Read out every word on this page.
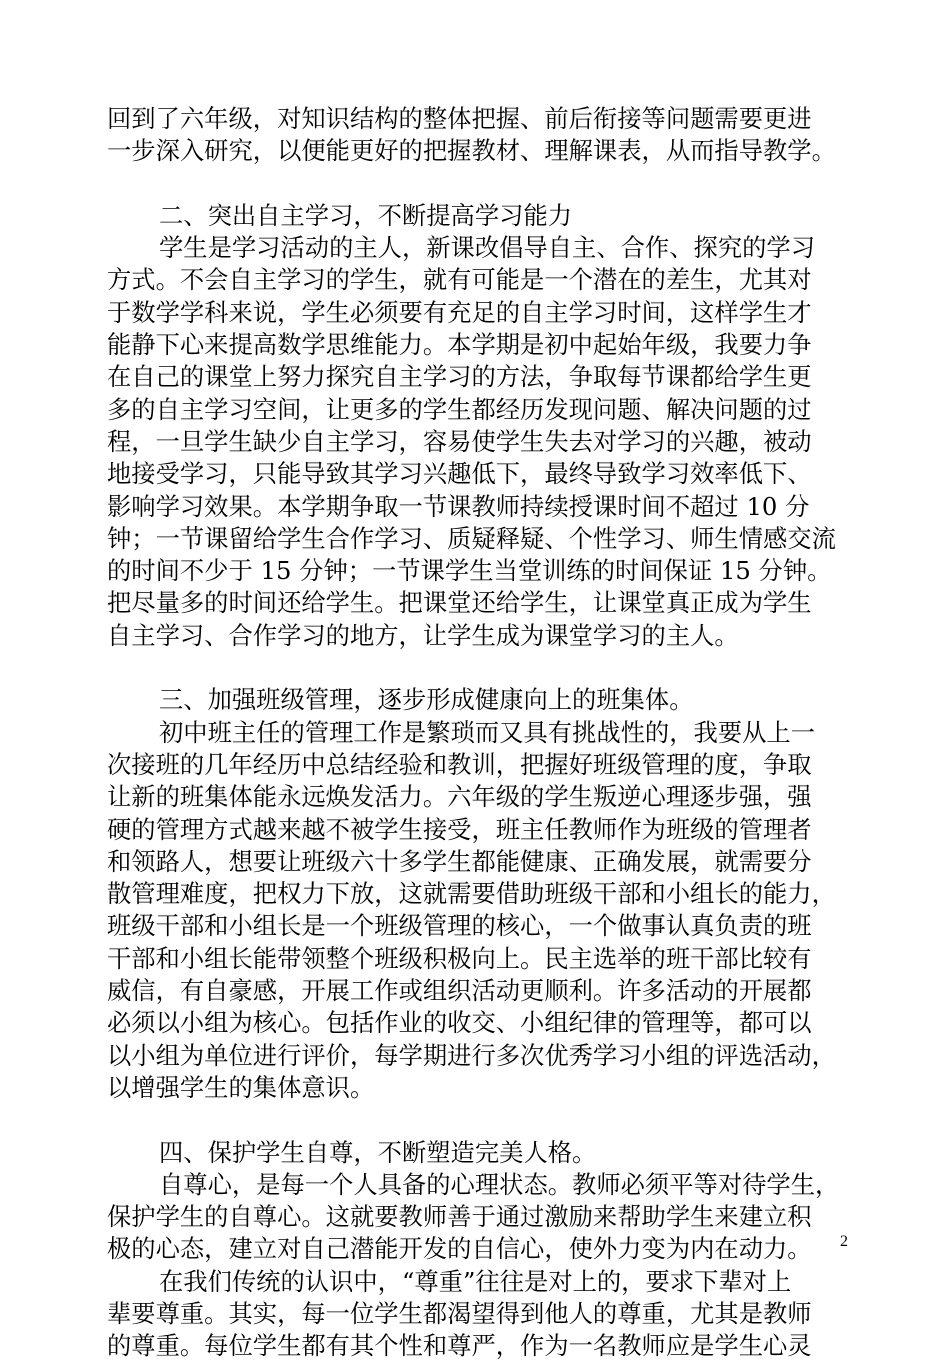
回到了六年级，对知识结构的整体把握、前后衔接等问题需要更进
一步深入研究，以便能更好的把握教材、理解课表，从而指导教学。
二、突出自主学习，不断提高学习能力
学生是学习活动的主人，新课改倡导自主、合作、探究的学习
方式。不会自主学习的学生，就有可能是一个潜在的差生，尤其对
于数学学科来说，学生必须要有充足的自主学习时间，这样学生才
能静下心来提高数学思维能力。本学期是初中起始年级，我要力争
在自己的课堂上努力探究自主学习的方法，争取每节课都给学生更
多的自主学习空间，让更多的学生都经历发现问题、解决问题的过
程，一旦学生缺少自主学习，容易使学生失去对学习的兴趣，被动
地接受学习，只能导致其学习兴趣低下，最终导致学习效率低下、
影响学习效果。本学期争取一节课教师持续授课时间不超过 10 分
钟；一节课留给学生合作学习、质疑释疑、个性学习、师生情感交流
的时间不少于 15 分钟；一节课学生当堂训练的时间保证 15 分钟。
把尽量多的时间还给学生。把课堂还给学生，让课堂真正成为学生
自主学习、合作学习的地方，让学生成为课堂学习的主人。
三、加强班级管理，逐步形成健康向上的班集体。
初中班主任的管理工作是繁琐而又具有挑战性的，我要从上一
次接班的几年经历中总结经验和教训，把握好班级管理的度，争取
让新的班集体能永远焕发活力。六年级的学生叛逆心理逐步强，强
硬的管理方式越来越不被学生接受，班主任教师作为班级的管理者
和领路人，想要让班级六十多学生都能健康、正确发展，就需要分
散管理难度，把权力下放，这就需要借助班级干部和小组长的能力，
班级干部和小组长是一个班级管理的核心，一个做事认真负责的班
干部和小组长能带领整个班级积极向上。民主选举的班干部比较有
威信，有自豪感，开展工作或组织活动更顺利。许多活动的开展都
必须以小组为核心。包括作业的收交、小组纪律的管理等，都可以
以小组为单位进行评价，每学期进行多次优秀学习小组的评选活动，
以增强学生的集体意识。
四、保护学生自尊，不断塑造完美人格。
自尊心，是每一个人具备的心理状态。教师必须平等对待学生，
保护学生的自尊心。这就要教师善于通过激励来帮助学生来建立积
极的心态，建立对自己潜能开发的自信心，使外力变为内在动力。
在我们传统的认识中，“尊重”往往是对上的，要求下辈对上
辈要尊重。其实，每一位学生都渴望得到他人的尊重，尤其是教师
的尊重。每位学生都有其个性和尊严，作为一名教师应是学生心灵
2
